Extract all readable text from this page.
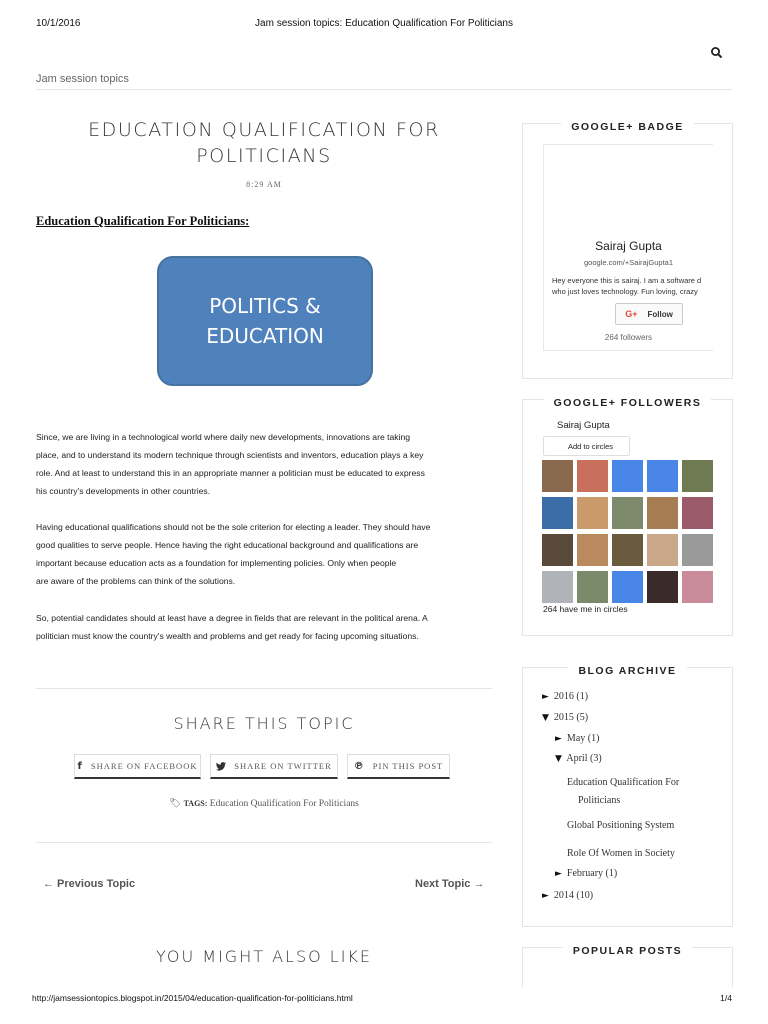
10/1/2016	Jam session topics: Education Qualification For Politicians
Jam session topics
EDUCATION QUALIFICATION FOR POLITICIANS
8:29 AM
Education Qualification For Politicians:
POLITICS &
EDUCATION
Since, we are living in a technological world where daily new developments, innovations are taking
place, and to understand its modern technique through scientists and inventors, education plays a key
role. And at least to understand this in an appropriate manner a politician must be educated to express
his country's developments in other countries.
Having educational qualifications should not be the sole criterion for electing a leader. They should have
good qualities to serve people. Hence having the right educational background and qualifications are
important because education acts as a foundation for implementing policies. Only when people
are aware of the problems can think of the solutions.
So, potential candidates should at least have a degree in fields that are relevant in the political arena. A
politician must know the country's wealth and problems and get ready for facing upcoming situations.
SHARE THIS TOPIC
f SHARE ON FACEBOOK	SHARE ON TWITTER ℗ PIN THIS POST
🏷 TAGS: Education Qualification For Politicians
← Previous Topic	Next Topic →
YOU MIGHT ALSO LIKE
GOOGLE+ BADGE
Sairaj Gupta
google.com/+SairajGupta1
Hey everyone this is sairaj. I am a software d
who just loves technology. Fun loving, crazy
G+ Follow
264 followers
GOOGLE+ FOLLOWERS
Sairaj Gupta
Add to circles
264 have me in circles
BLOG ARCHIVE
► 2016 (1)
▼ 2015 (5)
► May (1)
▼ April (3)
Education Qualification For
Politicians
Global Positioning System
Role Of Women in Society
► February (1)
► 2014 (10)
POPULAR POSTS
http://jamsessiontopics.blogspot.in/2015/04/education-qualification-for-politicians.html	1/4
